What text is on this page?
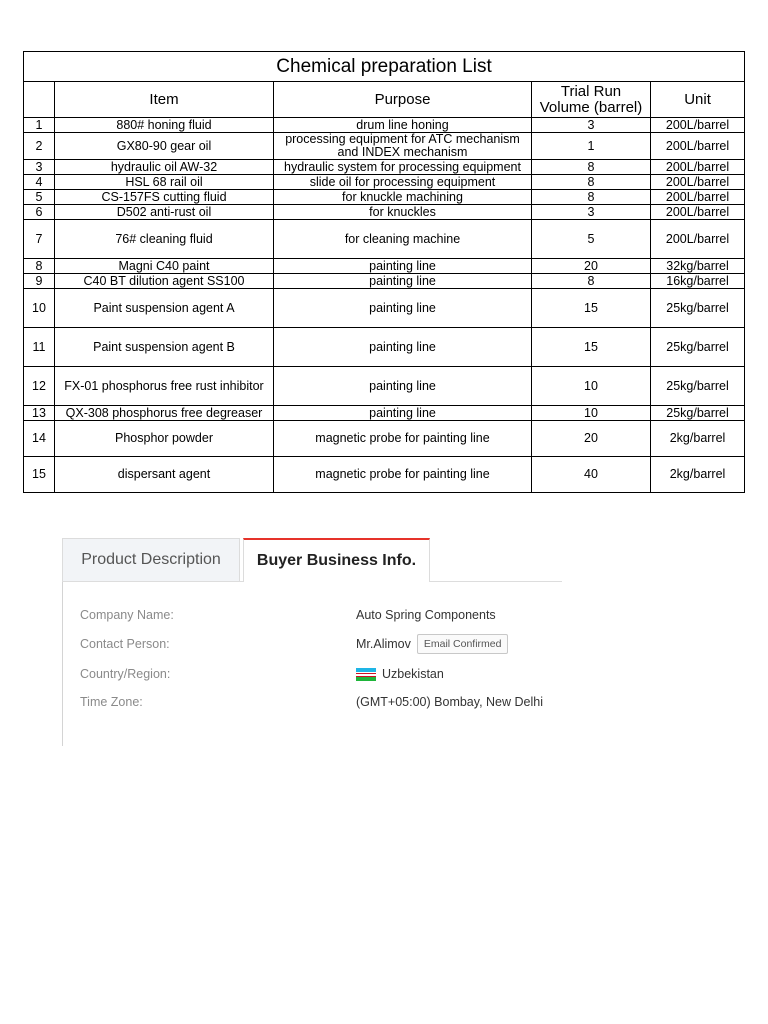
Chemical preparation List				
	Item	Purpose	Trial Run Volume (barrel)	Unit
1	880# honing fluid	drum line honing	3	200L/barrel
2	GX80-90 gear oil	processing equipment for ATC mechanism and INDEX mechanism	1	200L/barrel
3	hydraulic oil AW-32	hydraulic system for processing equipment	8	200L/barrel
4	HSL 68 rail oil	slide oil for processing equipment	8	200L/barrel
5	CS-157FS cutting fluid	for knuckle machining	8	200L/barrel
6	D502 anti-rust oil	for knuckles	3	200L/barrel
7	76# cleaning fluid	for cleaning machine	5	200L/barrel
8	Magni C40 paint	painting line	20	32kg/barrel
9	C40 BT dilution agent SS100	painting line	8	16kg/barrel
10	Paint suspension agent A	painting line	15	25kg/barrel
11	Paint suspension agent B	painting line	15	25kg/barrel
12	FX-01 phosphorus free rust inhibitor	painting line	10	25kg/barrel
13	QX-308 phosphorus free degreaser	painting line	10	25kg/barrel
14	Phosphor powder	magnetic probe for painting line	20	2kg/barrel
15	dispersant agent	magnetic probe for painting line	40	2kg/barrel
Product Description	Buyer Business Info.
Company Name:	Auto Spring Components
Contact Person:	Mr.Alimov	Email Confirmed
Country/Region:	Uzbekistan
Time Zone:	(GMT+05:00) Bombay, New Delhi
